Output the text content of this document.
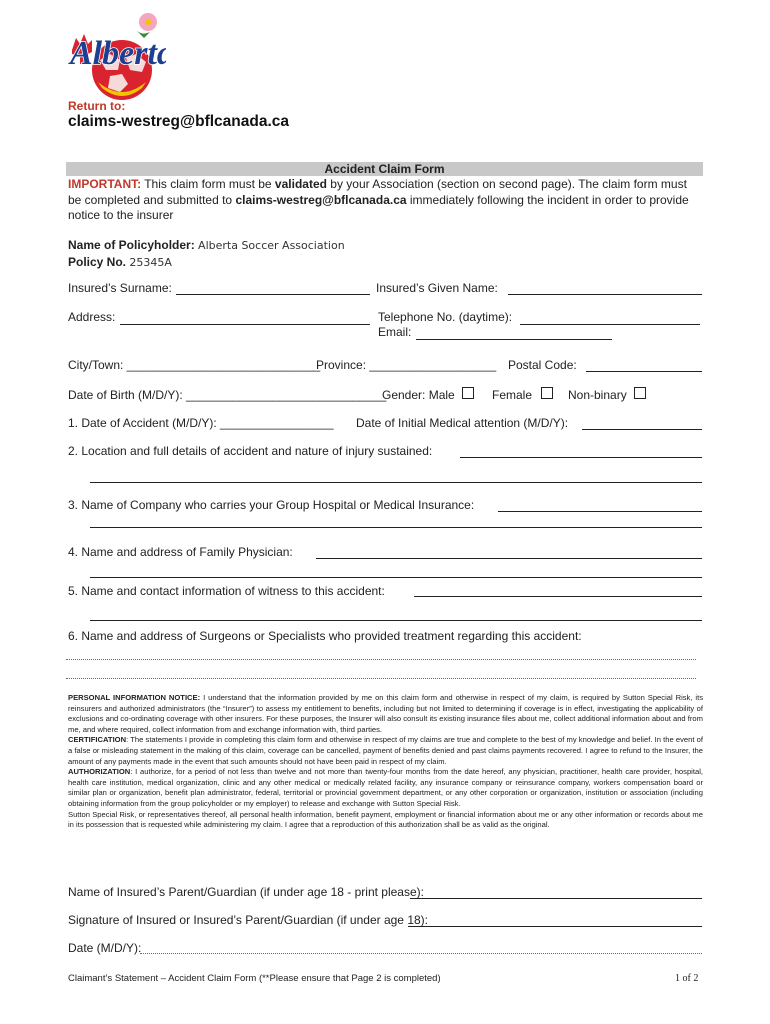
Alberta
Return to:
claims-westreg@bflcanada.ca
Accident Claim Form
IMPORTANT: This claim form must be validated by your Association (section on second page). The claim form must be completed and submitted to claims-westreg@bflcanada.ca immediately following the incident in order to provide notice to the insurer
Name of Policyholder: Alberta Soccer Association
Policy No. 25345A
Insured’s Surname:	Insured’s Given Name:
Address:	Telephone No. (daytime):
Email:
City/Town: _____________________________
Province: ___________________ Postal Code:
Date of Birth (M/D/Y): ______________________________
Gender: Male	Female	Non-binary
1. Date of Accident (M/D/Y): _________________ Date of Initial Medical attention (M/D/Y):
2. Location and full details of accident and nature of injury sustained:
3. Name of Company who carries your Group Hospital or Medical Insurance:
4. Name and address of Family Physician:
5. Name and contact information of witness to this accident:
6. Name and address of Surgeons or Specialists who provided treatment regarding this accident:
PERSONAL INFORMATION NOTICE: I understand that the information provided by me on this claim form and otherwise in respect of my claim, is required by Sutton Special Risk, its reinsurers and authorized administrators (the “Insurer”) to assess my entitlement to benefits, including but not limited to determining if coverage is in effect, investigating the applicability of exclusions and co-ordinating coverage with other insurers. For these purposes, the Insurer will also consult its existing insurance files about me, collect additional information about and from me, and where required, collect information from and exchange information with, third parties.
CERTIFICATION: The statements I provide in completing this claim form and otherwise in respect of my claims are true and complete to the best of my knowledge and belief. In the event of a false or misleading statement in the making of this claim, coverage can be cancelled, payment of benefits denied and past claims payments recovered. I agree to refund to the Insurer, the amount of any payments made in the event that such amounts should not have been paid in respect of my claim.
AUTHORIZATION: I authorize, for a period of not less than twelve and not more than twenty-four months from the date hereof, any physician, practitioner, health care provider, hospital, health care institution, medical organization, clinic and any other medical or medically related facility, any insurance company or reinsurance company, workers compensation board or similar plan or organization, benefit plan administrator, federal, territorial or provincial government department, or any other corporation or organization, institution or association (including obtaining information from the group policyholder or my employer) to release and exchange with Sutton Special Risk.
Sutton Special Risk, or representatives thereof, all personal health information, benefit payment, employment or financial information about me or any other information or records about me in its possession that is requested while administering my claim. I agree that a reproduction of this authorization shall be as valid as the original.
Name of Insured’s Parent/Guardian (if under age 18 - print please):
Signature of Insured or Insured’s Parent/Guardian (if under age 18):
Date (M/D/Y):
Claimant’s Statement – Accident Claim Form (**Please ensure that Page 2 is completed)	1 of 2
